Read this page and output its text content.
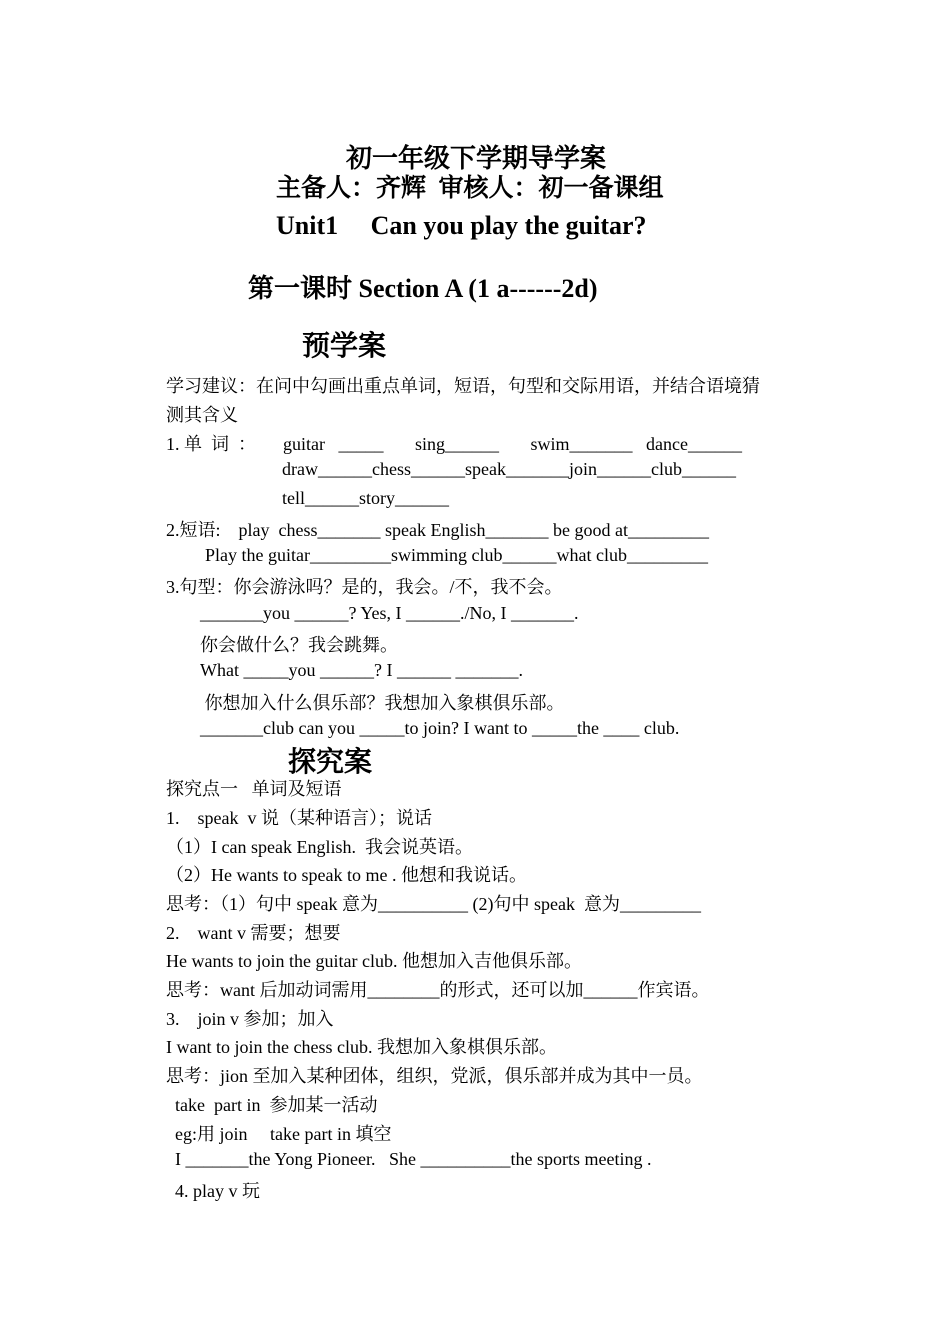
初一年级下学期导学案
主备人：齐辉  审核人：初一备课组
Unit1     Can you play the guitar?
第一课时 Section A (1 a------2d)
预学案
学习建议：在问中勾画出重点单词，短语，句型和交际用语，并结合语境猜
测其含义
1. 单  词  ：      guitar   _____       sing______       swim_______   dance______
draw______chess______speak_______join______club______
tell______story______
2.短语:    play  chess_______ speak English_______ be good at_________
Play the guitar_________swimming club______what club_________
3.句型：你会游泳吗？是的，我会。/不，我不会。
_______you ______? Yes, I ______./No, I _______.
你会做什么？我会跳舞。
What _____you ______? I ______ _______.
你想加入什么俱乐部？我想加入象棋俱乐部。
_______club can you _____to join? I want to _____the ____ club.
探究案
探究点一   单词及短语
1.    speak  v 说（某种语言）；说话
（1）I can speak English.  我会说英语。
（2）He wants to speak to me . 他想和我说话。
思考：（1）句中 speak 意为__________ (2)句中 speak  意为_________
2.    want v 需要；想要
He wants to join the guitar club. 他想加入吉他俱乐部。
思考：want 后加动词需用________的形式，还可以加______作宾语。
3.    join v 参加；加入
I want to join the chess club. 我想加入象棋俱乐部。
思考：jion 至加入某种团体，组织，党派，俱乐部并成为其中一员。
take  part in  参加某一活动
eg:用 join     take part in 填空
I _______the Yong Pioneer.   She __________the sports meeting .
4. play v 玩
